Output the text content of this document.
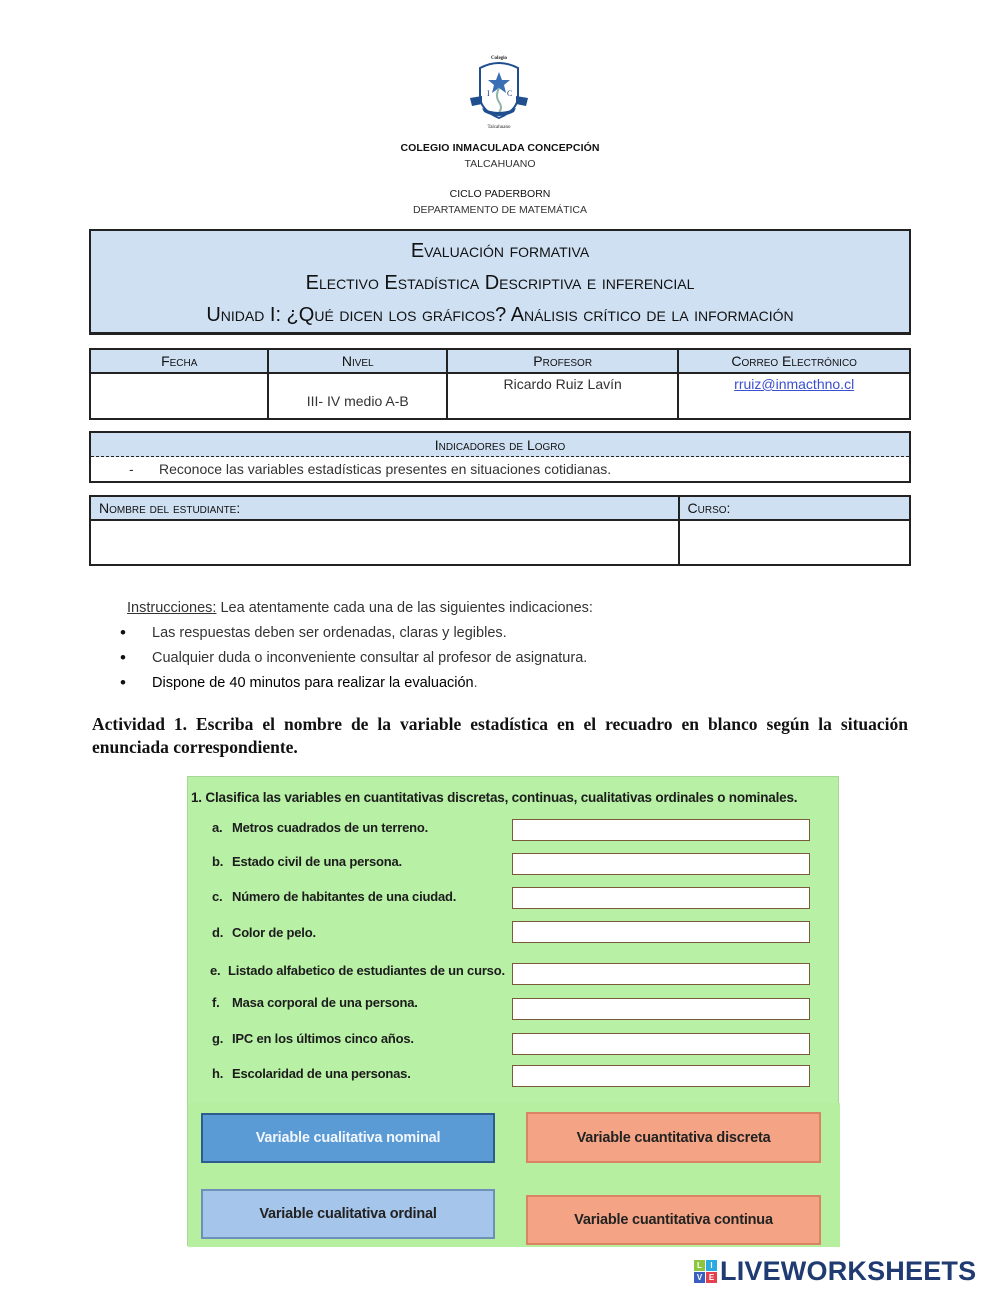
Colegio
I C
Talcahuano
COLEGIO INMACULADA CONCEPCIÓN
TALCAHUANO
CICLO PADERBORN
DEPARTAMENTO DE MATEMÁTICA
Evaluación formativa
Electivo Estadística Descriptiva e inferencial
Unidad I: ¿Qué dicen los gráficos? Análisis crítico de la información
Fecha	Nivel	Profesor	Correo Electrónico
	III- IV medio A-B	Ricardo Ruiz Lavín	rruiz@inmacthno.cl
Indicadores de Logro
- Reconoce las variables estadísticas presentes en situaciones cotidianas.
Nombre del estudiante:	Curso:

Instrucciones: Lea atentamente cada una de las siguientes indicaciones:
• Las respuestas deben ser ordenadas, claras y legibles.
• Cualquier duda o inconveniente consultar al profesor de asignatura.
• Dispone de 40 minutos para realizar la evaluación.
Actividad 1. Escriba el nombre de la variable estadística en el recuadro en blanco según la situación enunciada correspondiente.
1. Clasifica las variables en cuantitativas discretas, continuas, cualitativas ordinales o nominales.
a. Metros cuadrados de un terreno.
b. Estado civil de una persona.
c. Número de habitantes de una ciudad.
d. Color de pelo.
e. Listado alfabetico de estudiantes de un curso.
f. Masa corporal de una persona.
g. IPC en los últimos cinco años.
h. Escolaridad de una personas.
Variable cualitativa nominal	Variable cuantitativa discreta
Variable cualitativa ordinal	Variable cuantitativa continua
L	I
V E LIVEWORKSHEETS
